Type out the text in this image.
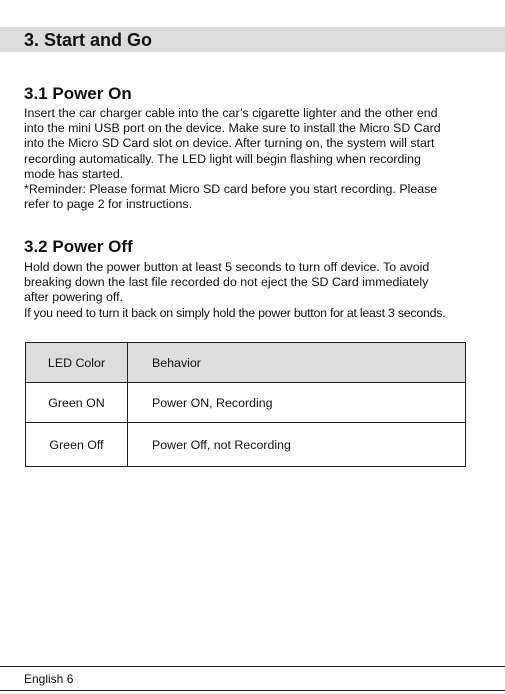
3. Start and Go
3.1 Power On

Insert the car charger cable into the car’s cigarette lighter and the other end

into the mini USB port on the device. Make sure to install the Micro SD Card

into the Micro SD Card slot on device. After turning on, the system will start

recording automatically. The LED light will begin flashing when recording

mode has started.

*Reminder: Please format Micro SD card before you start recording. Please

refer to page 2 for instructions.

3.2 Power Off

Hold down the power button at least 5 seconds to turn off device. To avoid

breaking down the last file recorded do not eject the SD Card immediately

after powering off.

If you need to turn it back on simply hold the power button for at least 3 seconds.

LED Color	Behavior
Green ON	Power ON, Recording
Green Off	Power Off, not Recording
English 6
